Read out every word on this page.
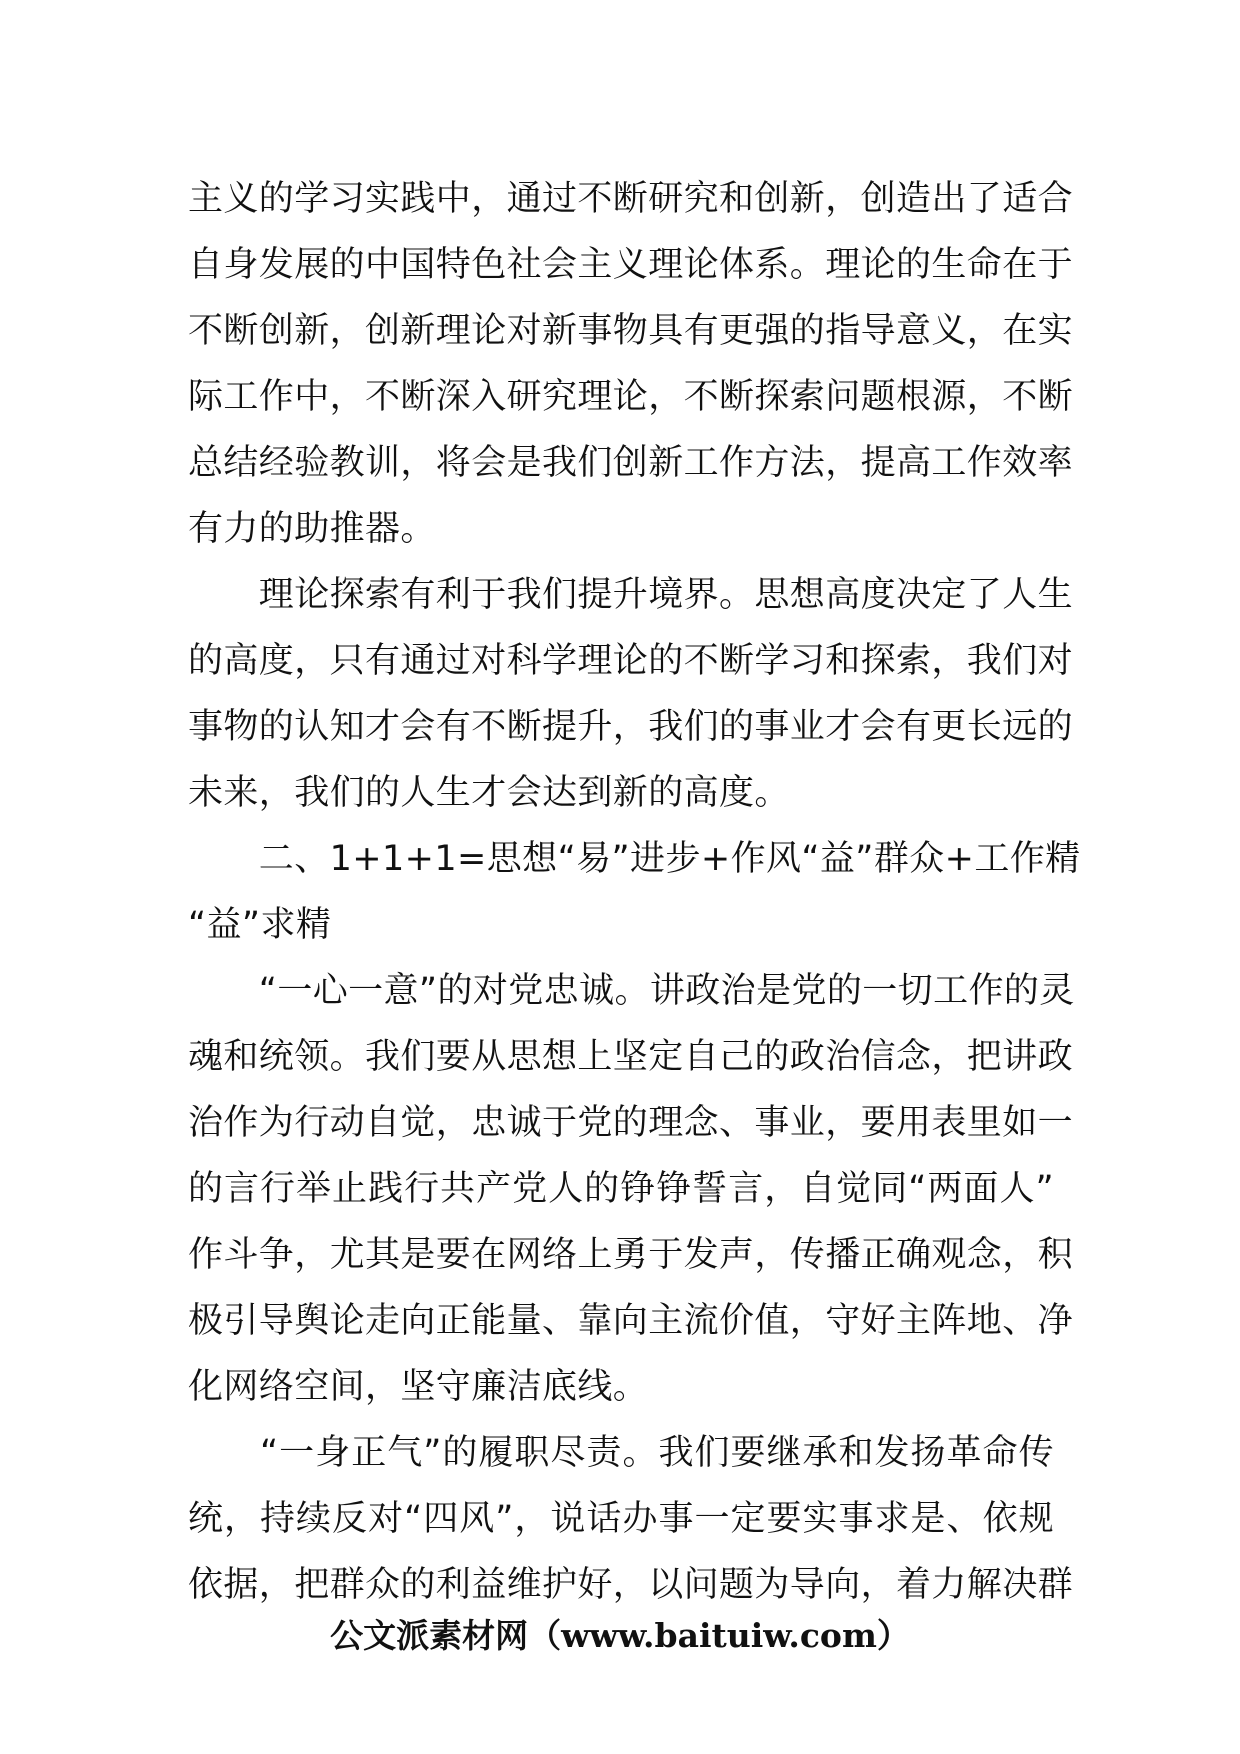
主义的学习实践中，通过不断研究和创新，创造出了适合
自身发展的中国特色社会主义理论体系。理论的生命在于
不断创新，创新理论对新事物具有更强的指导意义，在实
际工作中，不断深入研究理论，不断探索问题根源，不断
总结经验教训，将会是我们创新工作方法，提高工作效率
有力的助推器。
　　理论探索有利于我们提升境界。思想高度决定了人生
的高度，只有通过对科学理论的不断学习和探索，我们对
事物的认知才会有不断提升，我们的事业才会有更长远的
未来，我们的人生才会达到新的高度。
　　二、1+1+1=思想“易”进步+作风“益”群众+工作精
“益”求精
　　“一心一意”的对党忠诚。讲政治是党的一切工作的灵
魂和统领。我们要从思想上坚定自己的政治信念，把讲政
治作为行动自觉，忠诚于党的理念、事业，要用表里如一
的言行举止践行共产党人的铮铮誓言，自觉同“两面人”
作斗争，尤其是要在网络上勇于发声，传播正确观念，积
极引导舆论走向正能量、靠向主流价值，守好主阵地、净
化网络空间，坚守廉洁底线。
　　“一身正气”的履职尽责。我们要继承和发扬革命传
统，持续反对“四风”，说话办事一定要实事求是、依规
依据，把群众的利益维护好，以问题为导向，着力解决群
公文派素材网（www.baituiw.com）
